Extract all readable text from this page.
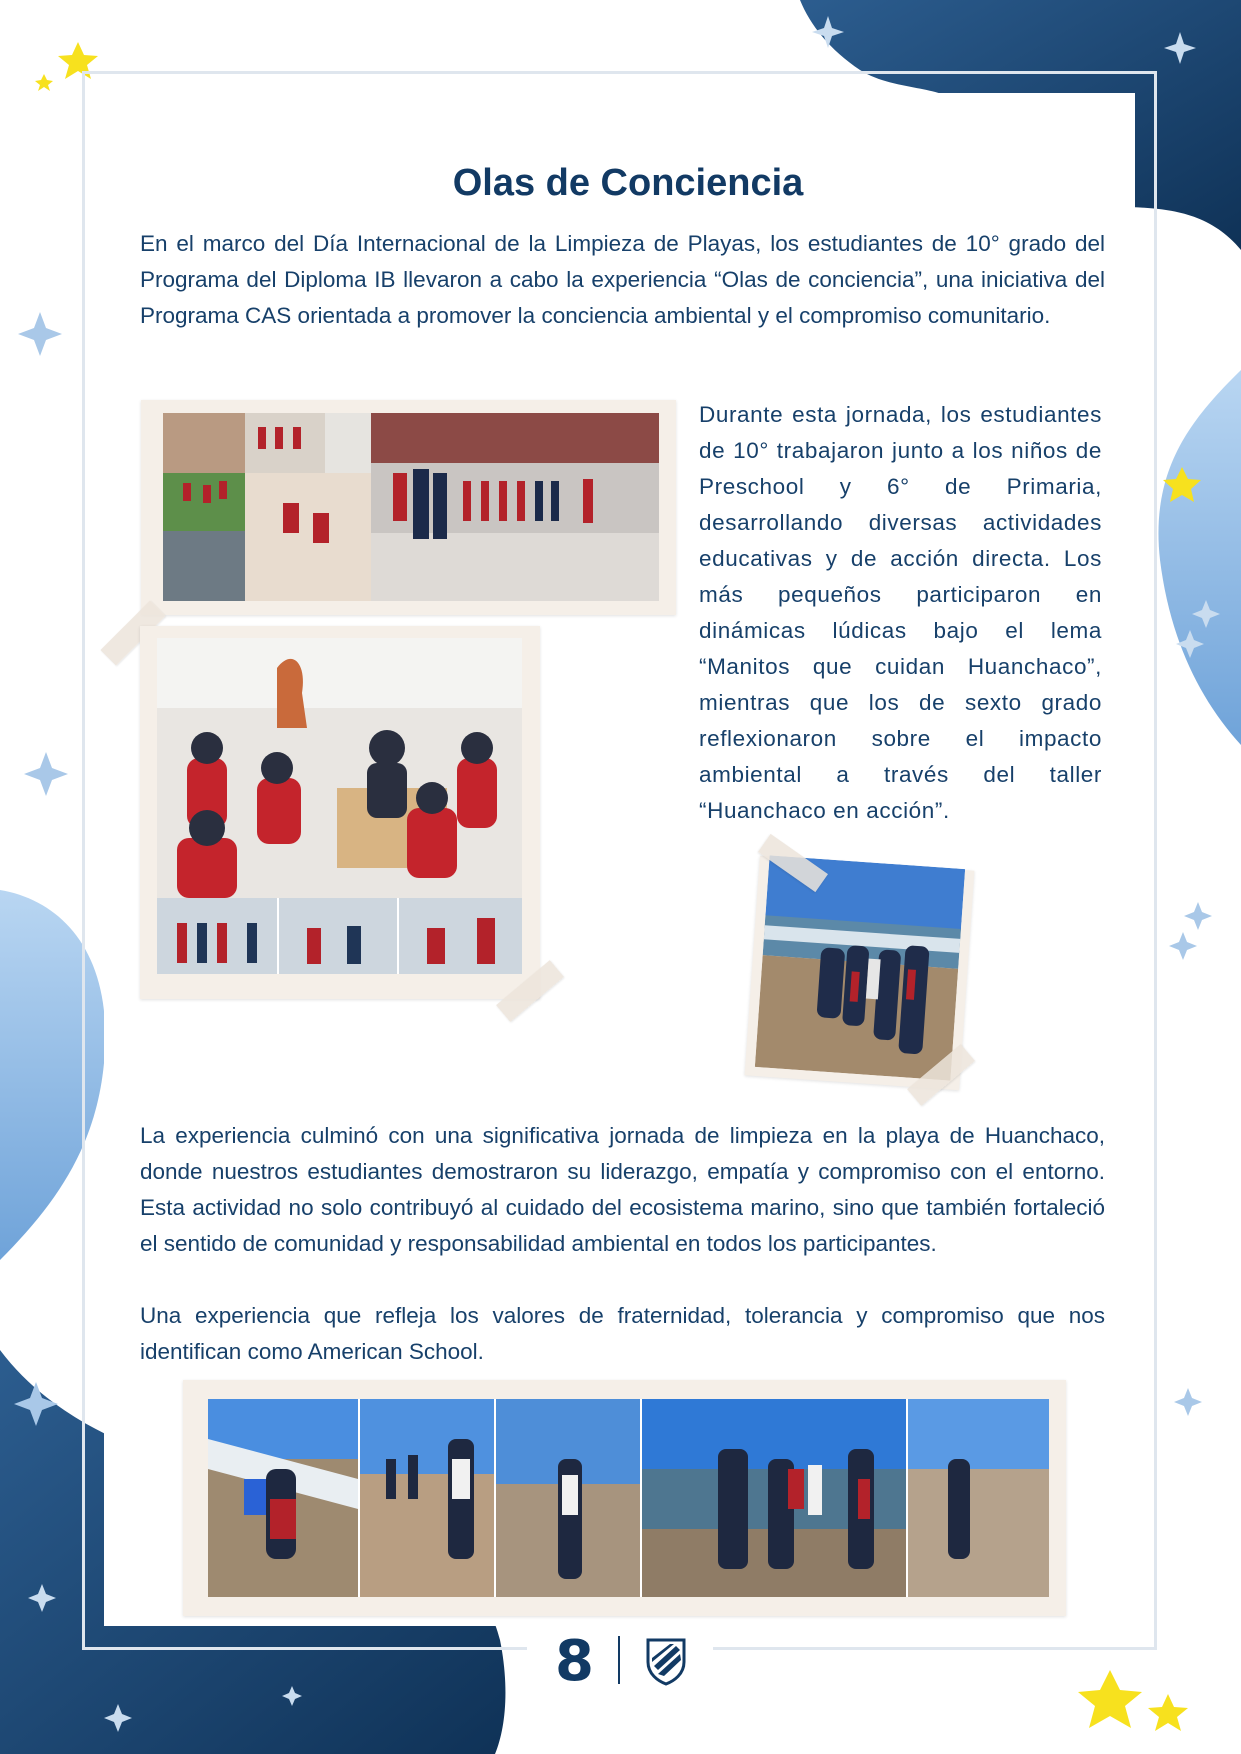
Olas de Conciencia

En el marco del Día Internacional de la Limpieza de Playas, los estudiantes de 10° grado del Programa del Diploma IB llevaron a cabo la experiencia “Olas de conciencia”, una iniciativa del Programa CAS orientada a promover la conciencia ambiental y el compromiso comunitario.

Durante esta jornada, los estudiantes de 10° trabajaron junto a los niños de Preschool y 6° de Primaria, desarrollando diversas actividades educativas y de acción directa. Los más pequeños participaron en dinámicas lúdicas bajo el lema “Manitos que cuidan Huanchaco”, mientras que los de sexto grado reflexionaron sobre el impacto ambiental a través del taller “Huanchaco en acción”.

La experiencia culminó con una significativa jornada de limpieza en la playa de Huanchaco, donde nuestros estudiantes demostraron su liderazgo, empatía y compromiso con el entorno. Esta actividad no solo contribuyó al cuidado del ecosistema marino, sino que también fortaleció el sentido de comunidad y responsabilidad ambiental en todos los participantes.

Una experiencia que refleja los valores de fraternidad, tolerancia y compromiso que nos identifican como American School.

8
